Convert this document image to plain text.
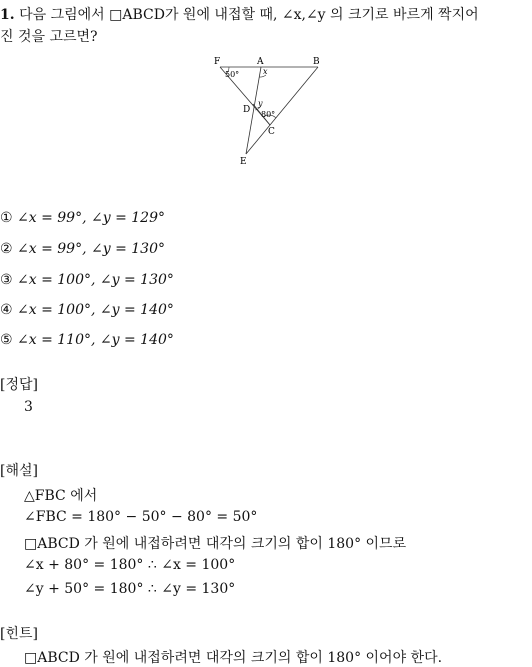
1. 다음 그림에서 □ABCD가 원에 내접할 때, ∠x,∠y 의 크기로 바르게 짝지어
진 것을 고르면?
F	A	B
D
C
E
50°
80°
x
y
① ∠x = 99°, ∠y = 129°
② ∠x = 99°, ∠y = 130°
③ ∠x = 100°, ∠y = 130°
④ ∠x = 100°, ∠y = 140°
⑤ ∠x = 110°, ∠y = 140°
[정답]
3
[해설]
△FBC 에서
∠FBC = 180° − 50° − 80° = 50°
□ABCD 가 원에 내접하려면 대각의 크기의 합이 180° 이므로
∠x + 80° = 180° ∴ ∠x = 100°
∠y + 50° = 180° ∴ ∠y = 130°
[힌트]
□ABCD 가 원에 내접하려면 대각의 크기의 합이 180° 이어야 한다.
